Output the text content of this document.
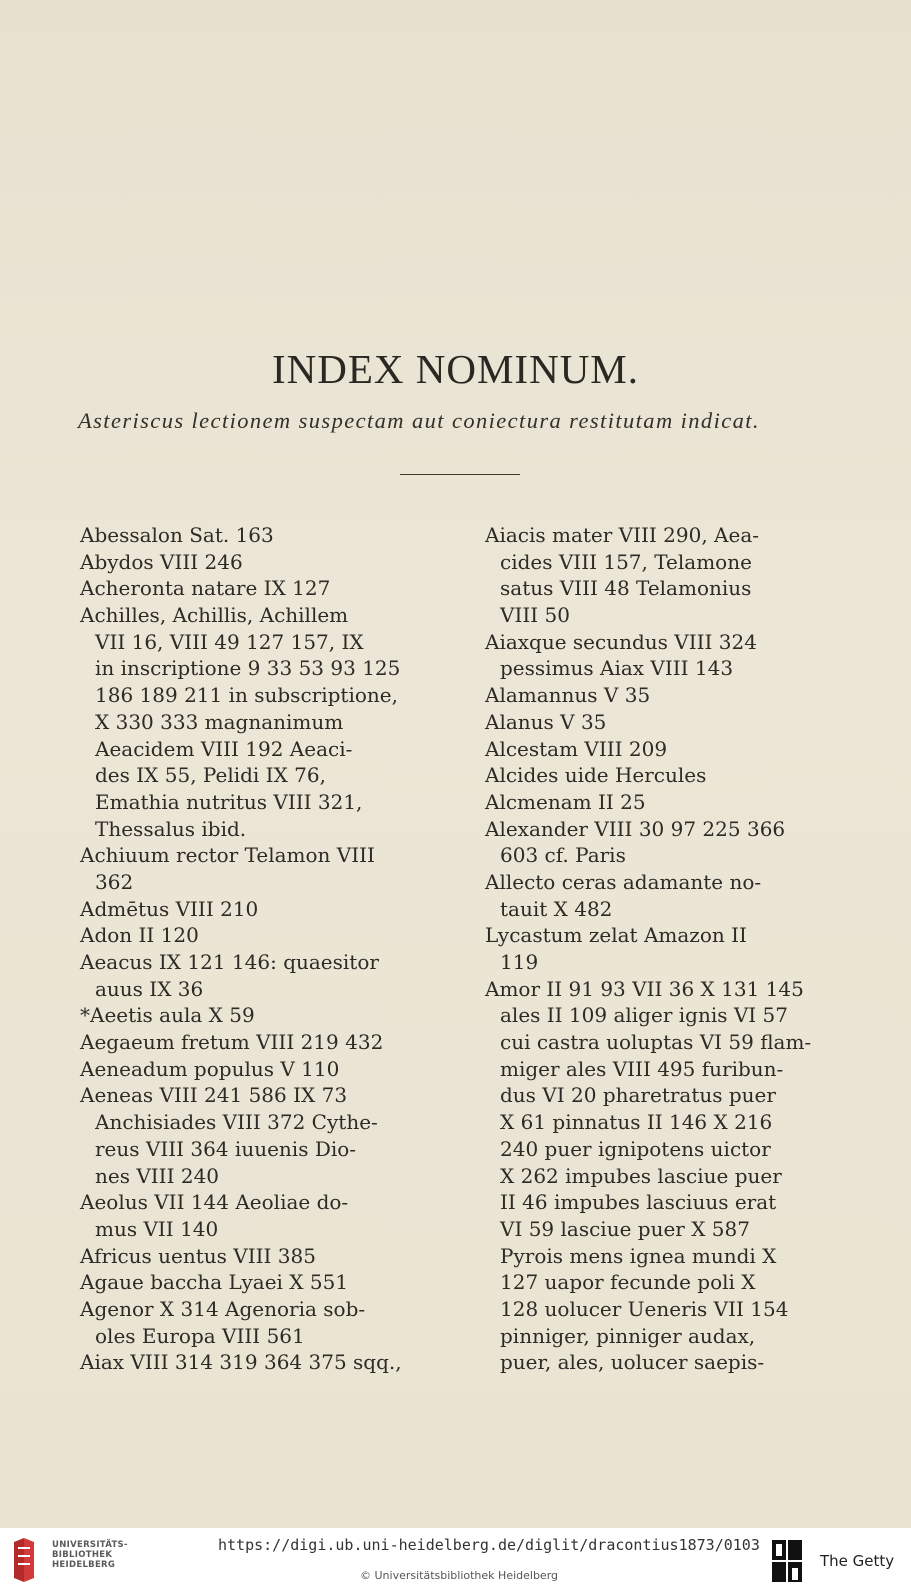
INDEX NOMINUM.
Asteriscus lectionem suspectam aut coniectura restitutam indicat.
Abessalon Sat. 163
Abydos VIII 246
Acheronta natare IX 127
Achilles, Achillis, Achillem
VII 16, VIII 49 127 157, IX
in inscriptione 9 33 53 93 125
186 189 211 in subscriptione,
X 330 333 magnanimum
Aeacidem VIII 192 Aeaci-
des IX 55, Pelidi IX 76,
Emathia nutritus VIII 321,
Thessalus ibid.
Achiuum rector Telamon VIII
362
Admētus VIII 210
Adon II 120
Aeacus IX 121 146: quaesitor
auus IX 36
*Aeetis aula X 59
Aegaeum fretum VIII 219 432
Aeneadum populus V 110
Aeneas VIII 241 586 IX 73
Anchisiades VIII 372 Cythe-
reus VIII 364 iuuenis Dio-
nes VIII 240
Aeolus VII 144 Aeoliae do-
mus VII 140
Africus uentus VIII 385
Agaue baccha Lyaei X 551
Agenor X 314 Agenoria sob-
oles Europa VIII 561
Aiax VIII 314 319 364 375 sqq.,
Aiacis mater VIII 290, Aea-
cides VIII 157, Telamone
satus VIII 48 Telamonius
VIII 50
Aiaxque secundus VIII 324
pessimus Aiax VIII 143
Alamannus V 35
Alanus V 35
Alcestam VIII 209
Alcides uide Hercules
Alcmenam II 25
Alexander VIII 30 97 225 366
603 cf. Paris
Allecto ceras adamante no-
tauit X 482
Lycastum zelat Amazon II
119
Amor II 91 93 VII 36 X 131 145
ales II 109 aliger ignis VI 57
cui castra uoluptas VI 59 flam-
miger ales VIII 495 furibun-
dus VI 20 pharetratus puer
X 61 pinnatus II 146 X 216
240 puer ignipotens uictor
X 262 impubes lasciue puer
II 46 impubes lasciuus erat
VI 59 lasciue puer X 587
Pyrois mens ignea mundi X
127 uapor fecunde poli X
128 uolucer Ueneris VII 154
pinniger, pinniger audax,
puer, ales, uolucer saepis-
UNIVERSITÄTS-
BIBLIOTHEK
HEIDELBERG
https://digi.ub.uni-heidelberg.de/diglit/dracontius1873/0103
© Universitätsbibliothek Heidelberg
The Getty
